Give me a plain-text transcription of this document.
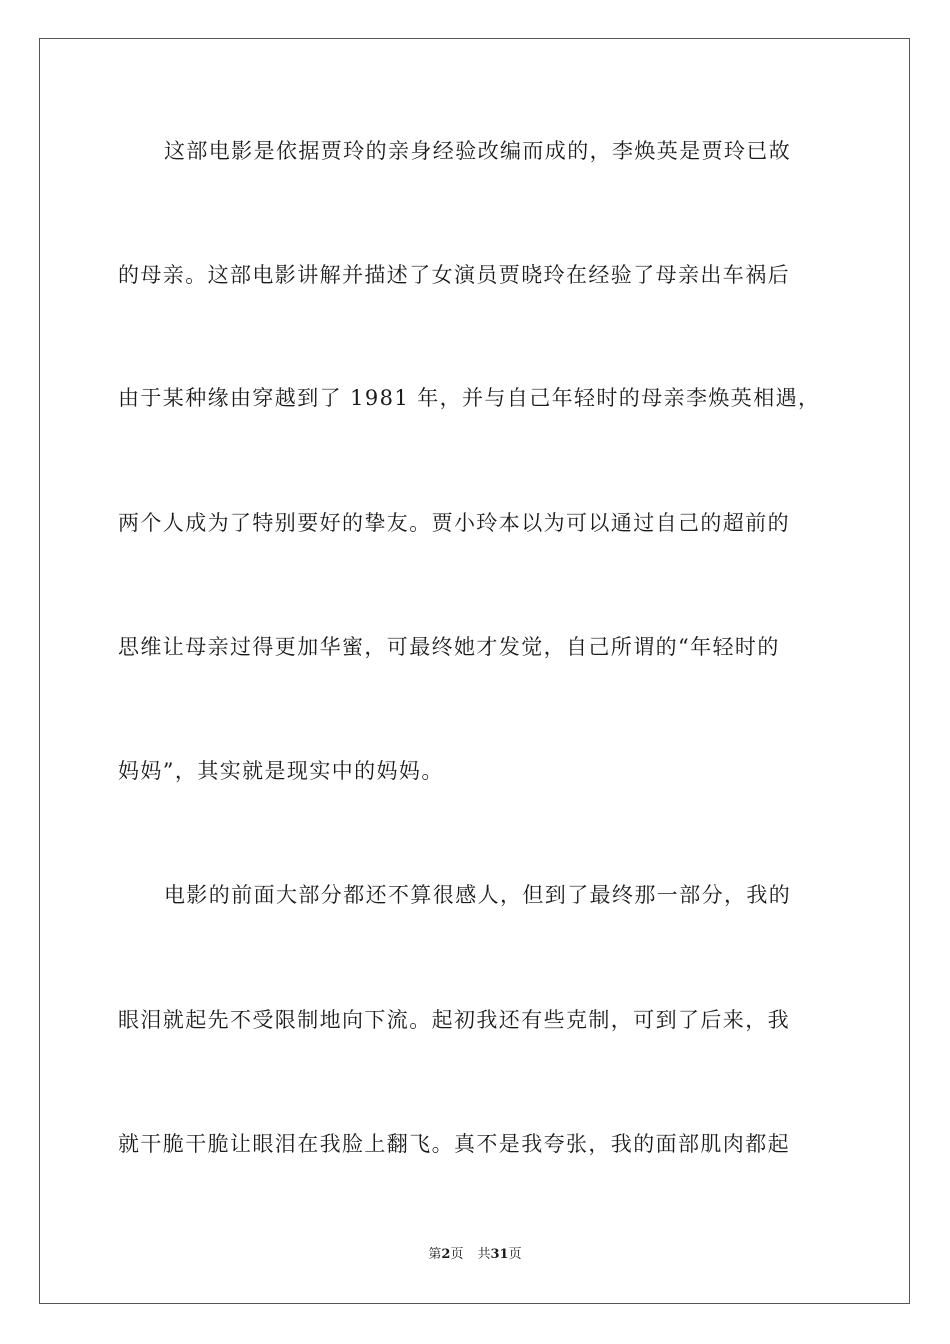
这部电影是依据贾玲的亲身经验改编而成的，李焕英是贾玲已故
的母亲。这部电影讲解并描述了女演员贾晓玲在经验了母亲出车祸后
由于某种缘由穿越到了 1981 年，并与自己年轻时的母亲李焕英相遇，
两个人成为了特别要好的挚友。贾小玲本以为可以通过自己的超前的
思维让母亲过得更加华蜜，可最终她才发觉，自己所谓的“年轻时的
妈妈”，其实就是现实中的妈妈。
电影的前面大部分都还不算很感人，但到了最终那一部分，我的
眼泪就起先不受限制地向下流。起初我还有些克制，可到了后来，我
就干脆干脆让眼泪在我脸上翻飞。真不是我夸张，我的面部肌肉都起
第2页 共31页
